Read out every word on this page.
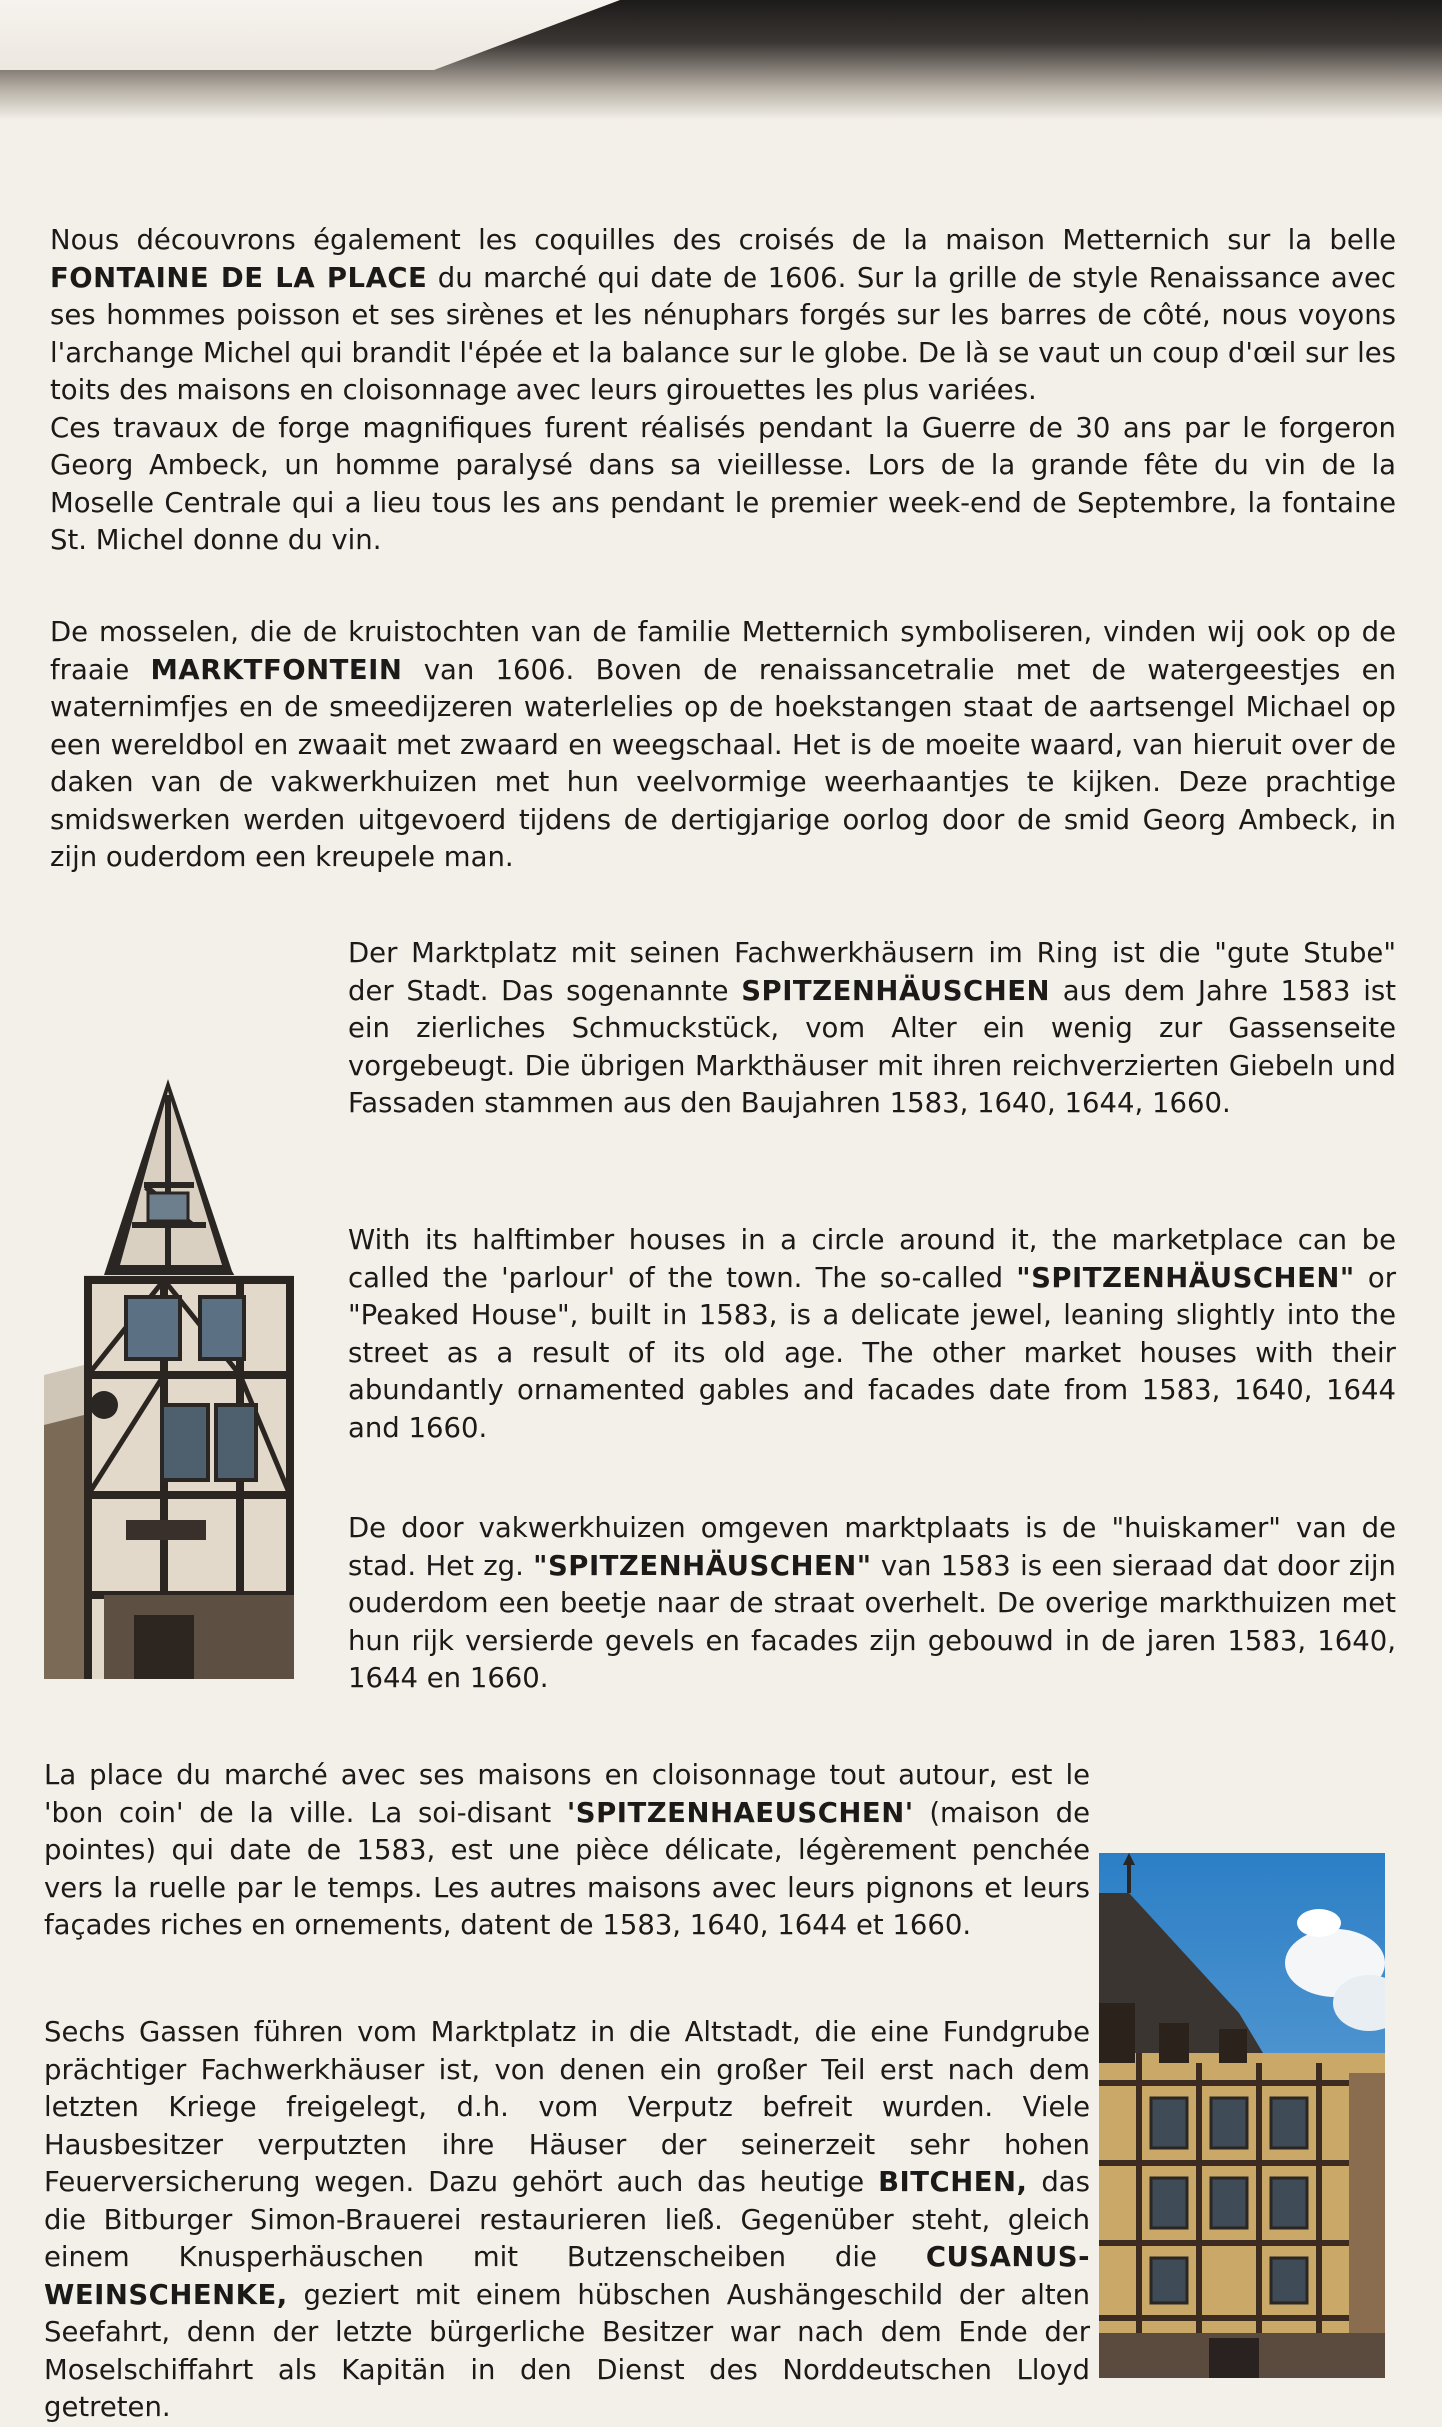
Nous découvrons également les coquilles des croisés de la maison Metternich sur la belle FONTAINE DE LA PLACE du marché qui date de 1606. Sur la grille de style Renaissance avec ses hommes poisson et ses sirènes et les nénuphars forgés sur les barres de côté, nous voyons l'archange Michel qui brandit l'épée et la balance sur le globe. De là se vaut un coup d'œil sur les toits des maisons en cloisonnage avec leurs girouettes les plus variées.
Ces travaux de forge magnifiques furent réalisés pendant la Guerre de 30 ans par le forgeron Georg Ambeck, un homme paralysé dans sa vieillesse. Lors de la grande fête du vin de la Moselle Centrale qui a lieu tous les ans pendant le premier week-end de Septembre, la fontaine St. Michel donne du vin.

De mosselen, die de kruistochten van de familie Metternich symboliseren, vinden wij ook op de fraaie MARKTFONTEIN van 1606. Boven de renaissancetralie met de watergeestjes en waternimfjes en de smeedijzeren waterlelies op de hoekstangen staat de aartsengel Michael op een wereldbol en zwaait met zwaard en weegschaal. Het is de moeite waard, van hieruit over de daken van de vakwerkhuizen met hun veelvormige weerhaantjes te kijken. Deze prachtige smidswerken werden uitgevoerd tijdens de dertigjarige oorlog door de smid Georg Ambeck, in zijn ouderdom een kreupele man.

Der Marktplatz mit seinen Fachwerkhäusern im Ring ist die "gute Stube" der Stadt. Das sogenannte SPITZENHÄUSCHEN aus dem Jahre 1583 ist ein zierliches Schmuckstück, vom Alter ein wenig zur Gassenseite vorgebeugt. Die übrigen Markthäuser mit ihren reichverzierten Giebeln und Fassaden stammen aus den Baujahren 1583, 1640, 1644, 1660.

With its halftimber houses in a circle around it, the marketplace can be called the 'parlour' of the town. The so-called "SPITZENHÄUSCHEN" or "Peaked House", built in 1583, is a delicate jewel, leaning slightly into the street as a result of its old age. The other market houses with their abundantly ornamented gables and facades date from 1583, 1640, 1644 and 1660.

De door vakwerkhuizen omgeven marktplaats is de "huiskamer" van de stad. Het zg. "SPITZENHÄUSCHEN" van 1583 is een sieraad dat door zijn ouderdom een beetje naar de straat overhelt. De overige markthuizen met hun rijk versierde gevels en facades zijn gebouwd in de jaren 1583, 1640, 1644 en 1660.

La place du marché avec ses maisons en cloisonnage tout autour, est le 'bon coin' de la ville. La soi-disant 'SPITZENHAEUSCHEN' (maison de pointes) qui date de 1583, est une pièce délicate, légèrement penchée vers la ruelle par le temps. Les autres maisons avec leurs pignons et leurs façades riches en ornements, datent de 1583, 1640, 1644 et 1660.

Sechs Gassen führen vom Marktplatz in die Altstadt, die eine Fundgrube prächtiger Fachwerkhäuser ist, von denen ein großer Teil erst nach dem letzten Kriege freigelegt, d.h. vom Verputz befreit wurden. Viele Hausbesitzer verputzten ihre Häuser der seinerzeit sehr hohen Feuerversicherung wegen. Dazu gehört auch das heutige BITCHEN, das die Bitburger Simon-Brauerei restaurieren ließ. Gegenüber steht, gleich einem Knusperhäuschen mit Butzenscheiben die CUSANUS-WEINSCHENKE, geziert mit einem hübschen Aushängeschild der alten Seefahrt, denn der letzte bürgerliche Besitzer war nach dem Ende der Moselschiffahrt als Kapitän in den Dienst des Norddeutschen Lloyd getreten.
